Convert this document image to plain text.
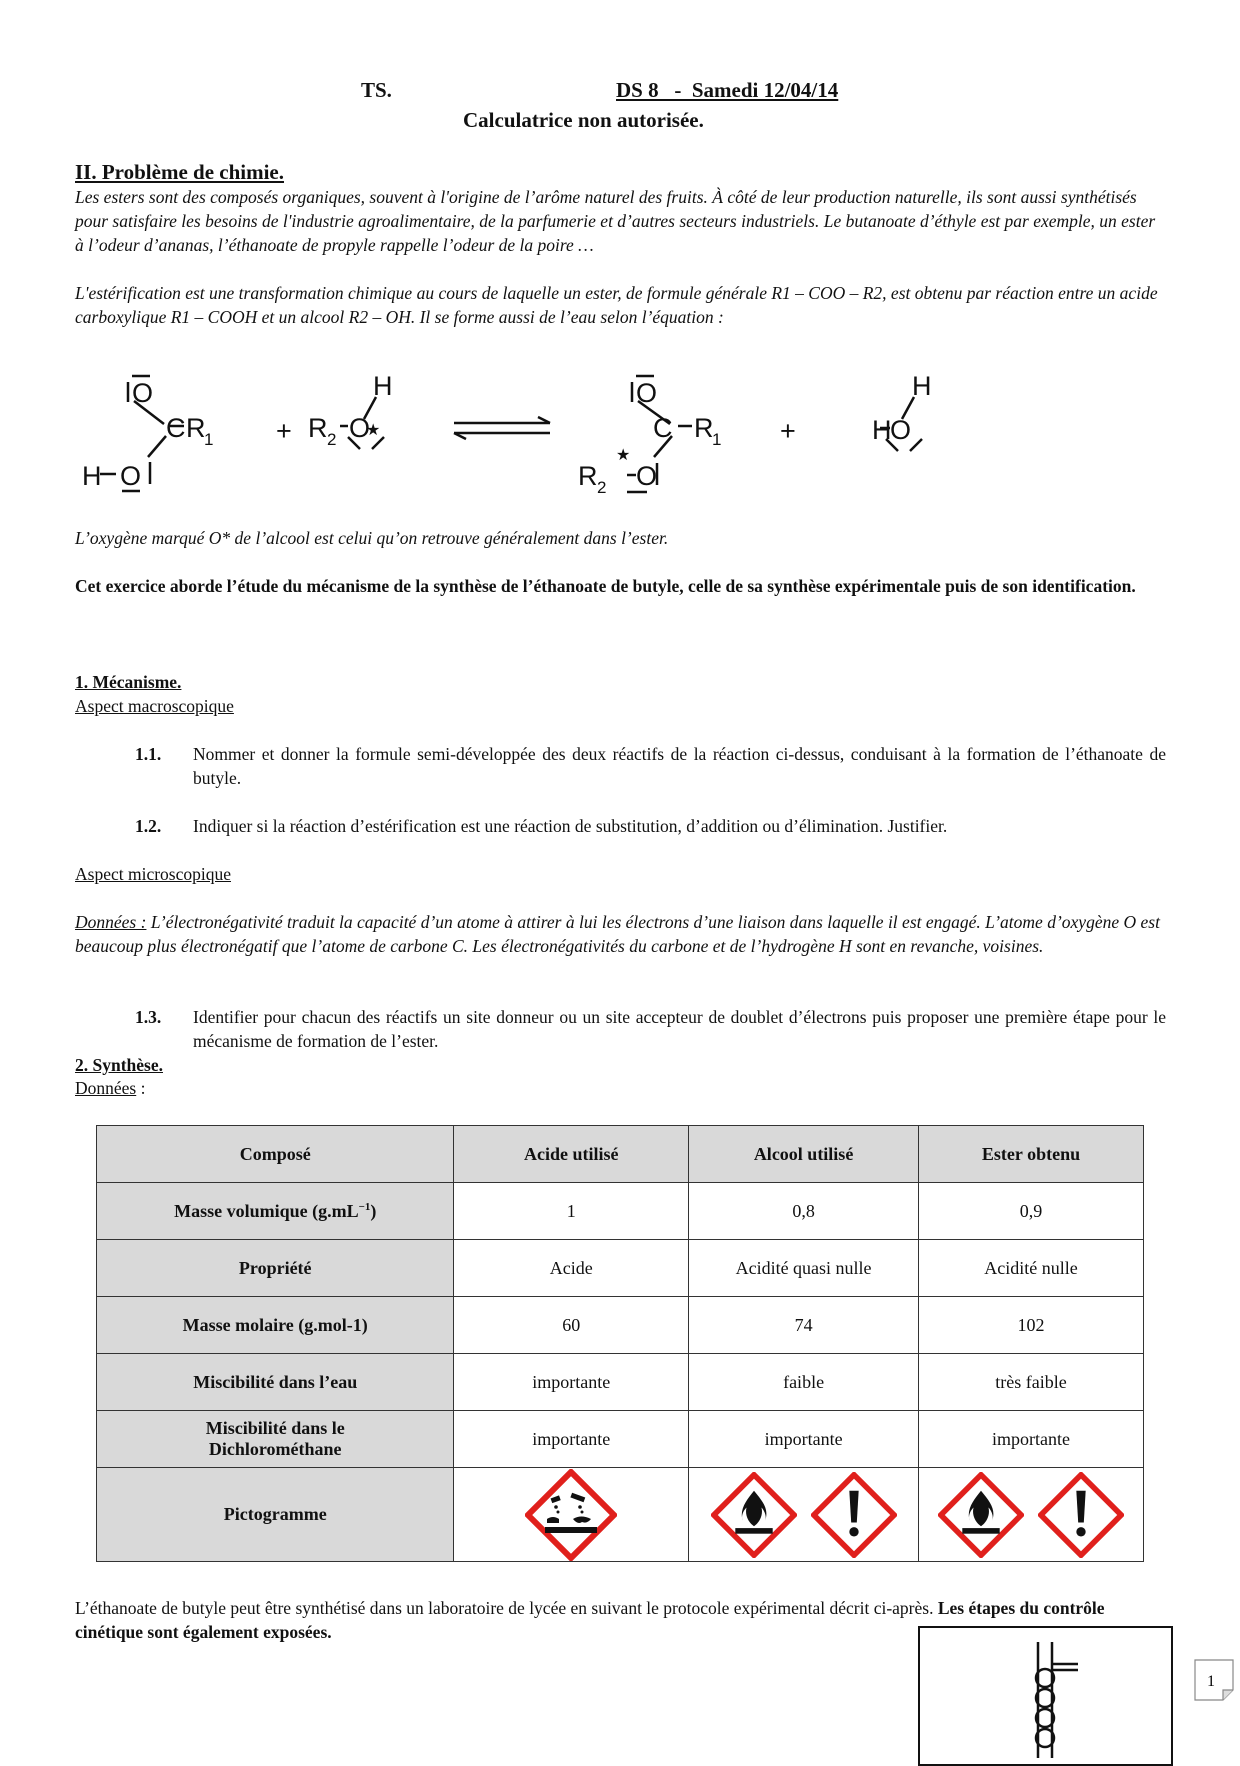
TS.	DS 8   -  Samedi 12/04/14
Calculatrice non autorisée.
II. Problème de chimie.
Les esters sont des composés organiques, souvent à l'origine de l’arôme naturel des fruits. À côté de leur production naturelle, ils sont aussi synthétisés pour satisfaire les besoins de l'industrie agroalimentaire, de la parfumerie et d’autres secteurs industriels. Le butanoate d’éthyle est par exemple, un ester à l’odeur d’ananas, l’éthanoate de propyle rappelle l’odeur de la poire …
L'estérification est une transformation chimique au cours de laquelle un ester, de formule générale R1 – COO – R2, est obtenu par réaction entre un acide carboxylique R1 – COOH et un alcool R2 – OH. Il se forme aussi de l’eau selon l’équation :
O
C R
1
H O
+ R 2 O
★
H	O
C R
1
★
R 2 O
+	H
O
H
L’oxygène marqué O* de l’alcool est celui qu’on retrouve généralement dans l’ester.
Cet exercice aborde l’étude du mécanisme de la synthèse de l’éthanoate de butyle, celle de sa synthèse expérimentale puis de son identification.
1. Mécanisme.
Aspect macroscopique
1.1. Nommer et donner la formule semi-développée des deux réactifs de la réaction ci-dessus, conduisant à la formation de l’éthanoate de butyle.
1.2. Indiquer si la réaction d’estérification est une réaction de substitution, d’addition ou d’élimination. Justifier.
Aspect microscopique
Données : L’électronégativité traduit la capacité d’un atome à attirer à lui les électrons d’une liaison dans laquelle il est engagé. L’atome d’oxygène O est beaucoup plus électronégatif que l’atome de carbone C. Les électronégativités du carbone et de l’hydrogène H sont en revanche, voisines.
1.3. Identifier pour chacun des réactifs un site donneur ou un site accepteur de doublet d’électrons puis proposer une première étape pour le mécanisme de formation de l’ester.
2. Synthèse.
Données :
Composé	Acide utilisé	Alcool utilisé	Ester obtenu
Masse volumique $(g.mL^{-1})$	1	0,8	0,9
Propriété	Acide	Acidité quasi nulle	Acidité nulle
Masse molaire (g.mol-1)	60	74	102
Miscibilité dans l’eau	importante	faible	très faible
Miscibilité dans le
Dichlorométhane	importante	importante	importante
Pictogramme	

L’éthanoate de butyle peut être synthétisé dans un laboratoire de lycée en suivant le protocole expérimental décrit ci-après. Les étapes du contrôle cinétique sont également exposées.
1
